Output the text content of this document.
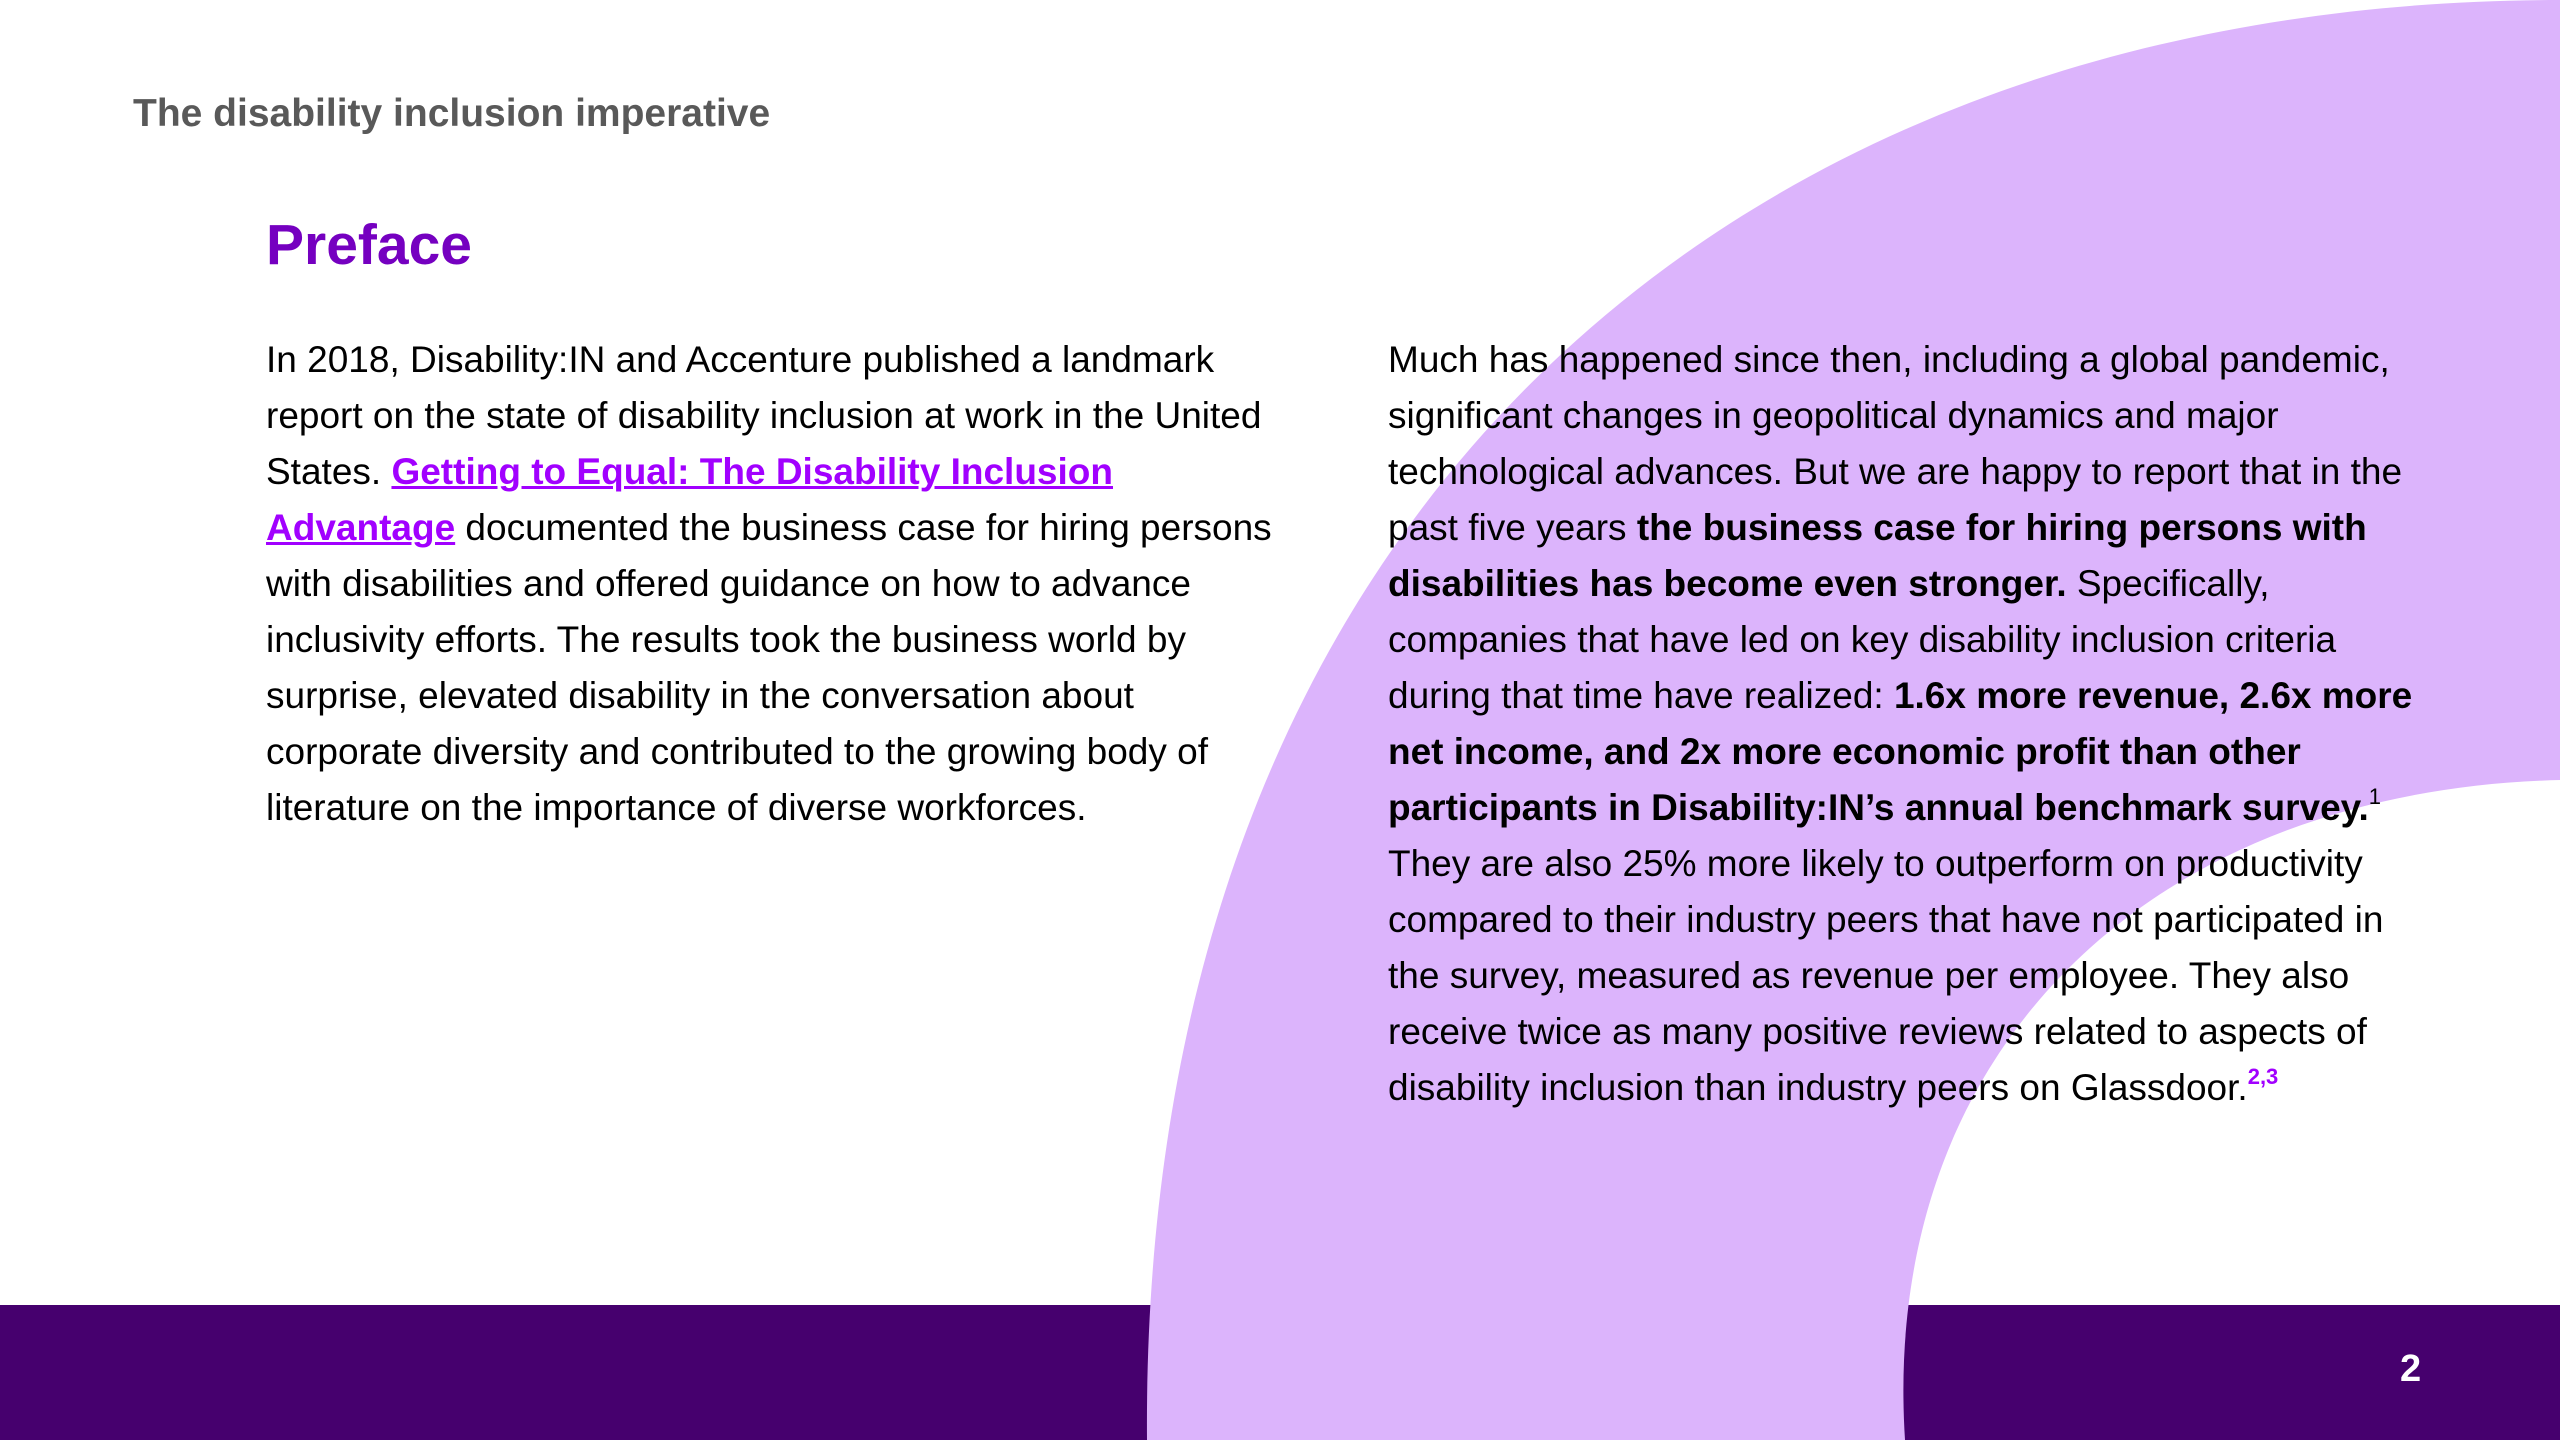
The disability inclusion imperative
Preface
In 2018, Disability:IN and Accenture published a landmark report on the state of disability inclusion at work in the United States. Getting to Equal: The Disability Inclusion Advantage documented the business case for hiring persons with disabilities and offered guidance on how to advance inclusivity efforts. The results took the business world by surprise, elevated disability in the conversation about corporate diversity and contributed to the growing body of literature on the importance of diverse workforces.
Much has happened since then, including a global pandemic, significant changes in geopolitical dynamics and major technological advances. But we are happy to report that in the past five years the business case for hiring persons with disabilities has become even stronger. Specifically, companies that have led on key disability inclusion criteria during that time have realized: 1.6x more revenue, 2.6x more net income, and 2x more economic profit than other participants in Disability:IN’s annual benchmark survey.$^1$ They are also 25% more likely to outperform on productivity compared to their industry peers that have not participated in the survey, measured as revenue per employee. They also receive twice as many positive reviews related to aspects of disability inclusion than industry peers on Glassdoor.$^{2,3}$
2
